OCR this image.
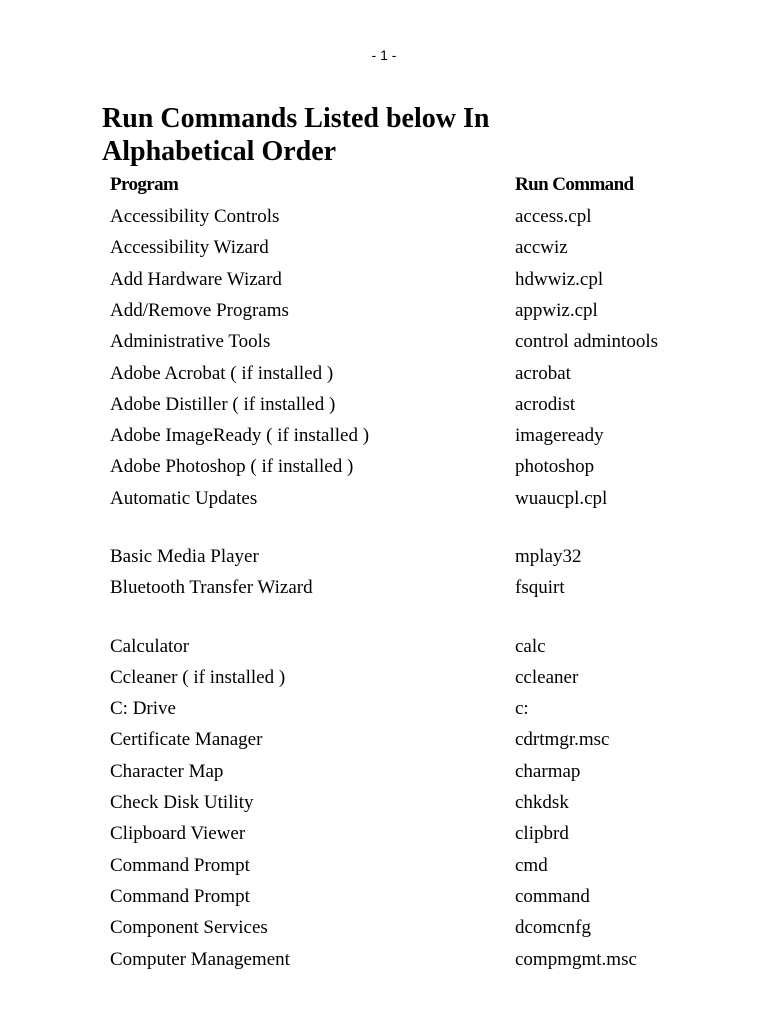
- 1 -
Run Commands Listed below In
Alphabetical Order
Program	Run Command
Accessibility Controls	access.cpl
Accessibility Wizard	accwiz
Add Hardware Wizard	hdwwiz.cpl
Add/Remove Programs	appwiz.cpl
Administrative Tools	control admintools
Adobe Acrobat ( if installed )	acrobat
Adobe Distiller ( if installed )	acrodist
Adobe ImageReady ( if installed )	imageready
Adobe Photoshop ( if installed )	photoshop
Automatic Updates	wuaucpl.cpl
Basic Media Player	mplay32
Bluetooth Transfer Wizard	fsquirt
Calculator	calc
Ccleaner ( if installed )	ccleaner
C: Drive	c:
Certificate Manager	cdrtmgr.msc
Character Map	charmap
Check Disk Utility	chkdsk
Clipboard Viewer	clipbrd
Command Prompt	cmd
Command Prompt	command
Component Services	dcomcnfg
Computer Management	compmgmt.msc
